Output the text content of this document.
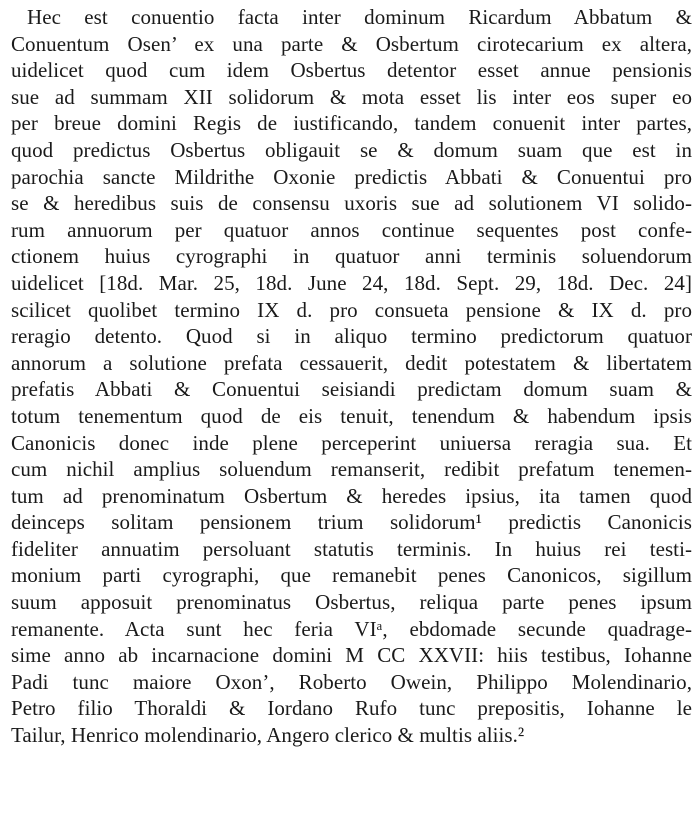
Hec est conuentio facta inter dominum Ricardum Abbatum &
Conuentum Osen’ ex una parte & Osbertum cirotecarium ex altera,
uidelicet quod cum idem Osbertus detentor esset annue pensionis
sue ad summam XII solidorum & mota esset lis inter eos super eo
per breue domini Regis de iustificando, tandem conuenit inter partes,
quod predictus Osbertus obligauit se & domum suam que est in
parochia sancte Mildrithe Oxonie predictis Abbati & Conuentui pro
se & heredibus suis de consensu uxoris sue ad solutionem VI solido-
rum annuorum per quatuor annos continue sequentes post confe-
ctionem huius cyrographi in quatuor anni terminis soluendorum
uidelicet [18d. Mar. 25, 18d. June 24, 18d. Sept. 29, 18d. Dec. 24]
scilicet quolibet termino IX d. pro consueta pensione & IX d. pro
reragio detento. Quod si in aliquo termino predictorum quatuor
annorum a solutione prefata cessauerit, dedit potestatem & libertatem
prefatis Abbati & Conuentui seisiandi predictam domum suam &
totum tenementum quod de eis tenuit, tenendum & habendum ipsis
Canonicis donec inde plene perceperint uniuersa reragia sua. Et
cum nichil amplius soluendum remanserit, redibit prefatum tenemen-
tum ad prenominatum Osbertum & heredes ipsius, ita tamen quod
deinceps solitam pensionem trium solidorum¹ predictis Canonicis
fideliter annuatim persoluant statutis terminis. In huius rei testi-
monium parti cyrographi, que remanebit penes Canonicos, sigillum
suum apposuit prenominatus Osbertus, reliqua parte penes ipsum
remanente. Acta sunt hec feria VIᵃ, ebdomade secunde quadrage-
sime anno ab incarnacione domini M CC XXVII: hiis testibus, Iohanne
Padi tunc maiore Oxon’, Roberto Owein, Philippo Molendinario,
Petro filio Thoraldi & Iordano Rufo tunc prepositis, Iohanne le
Tailur, Henrico molendinario, Angero clerico & multis aliis.²
